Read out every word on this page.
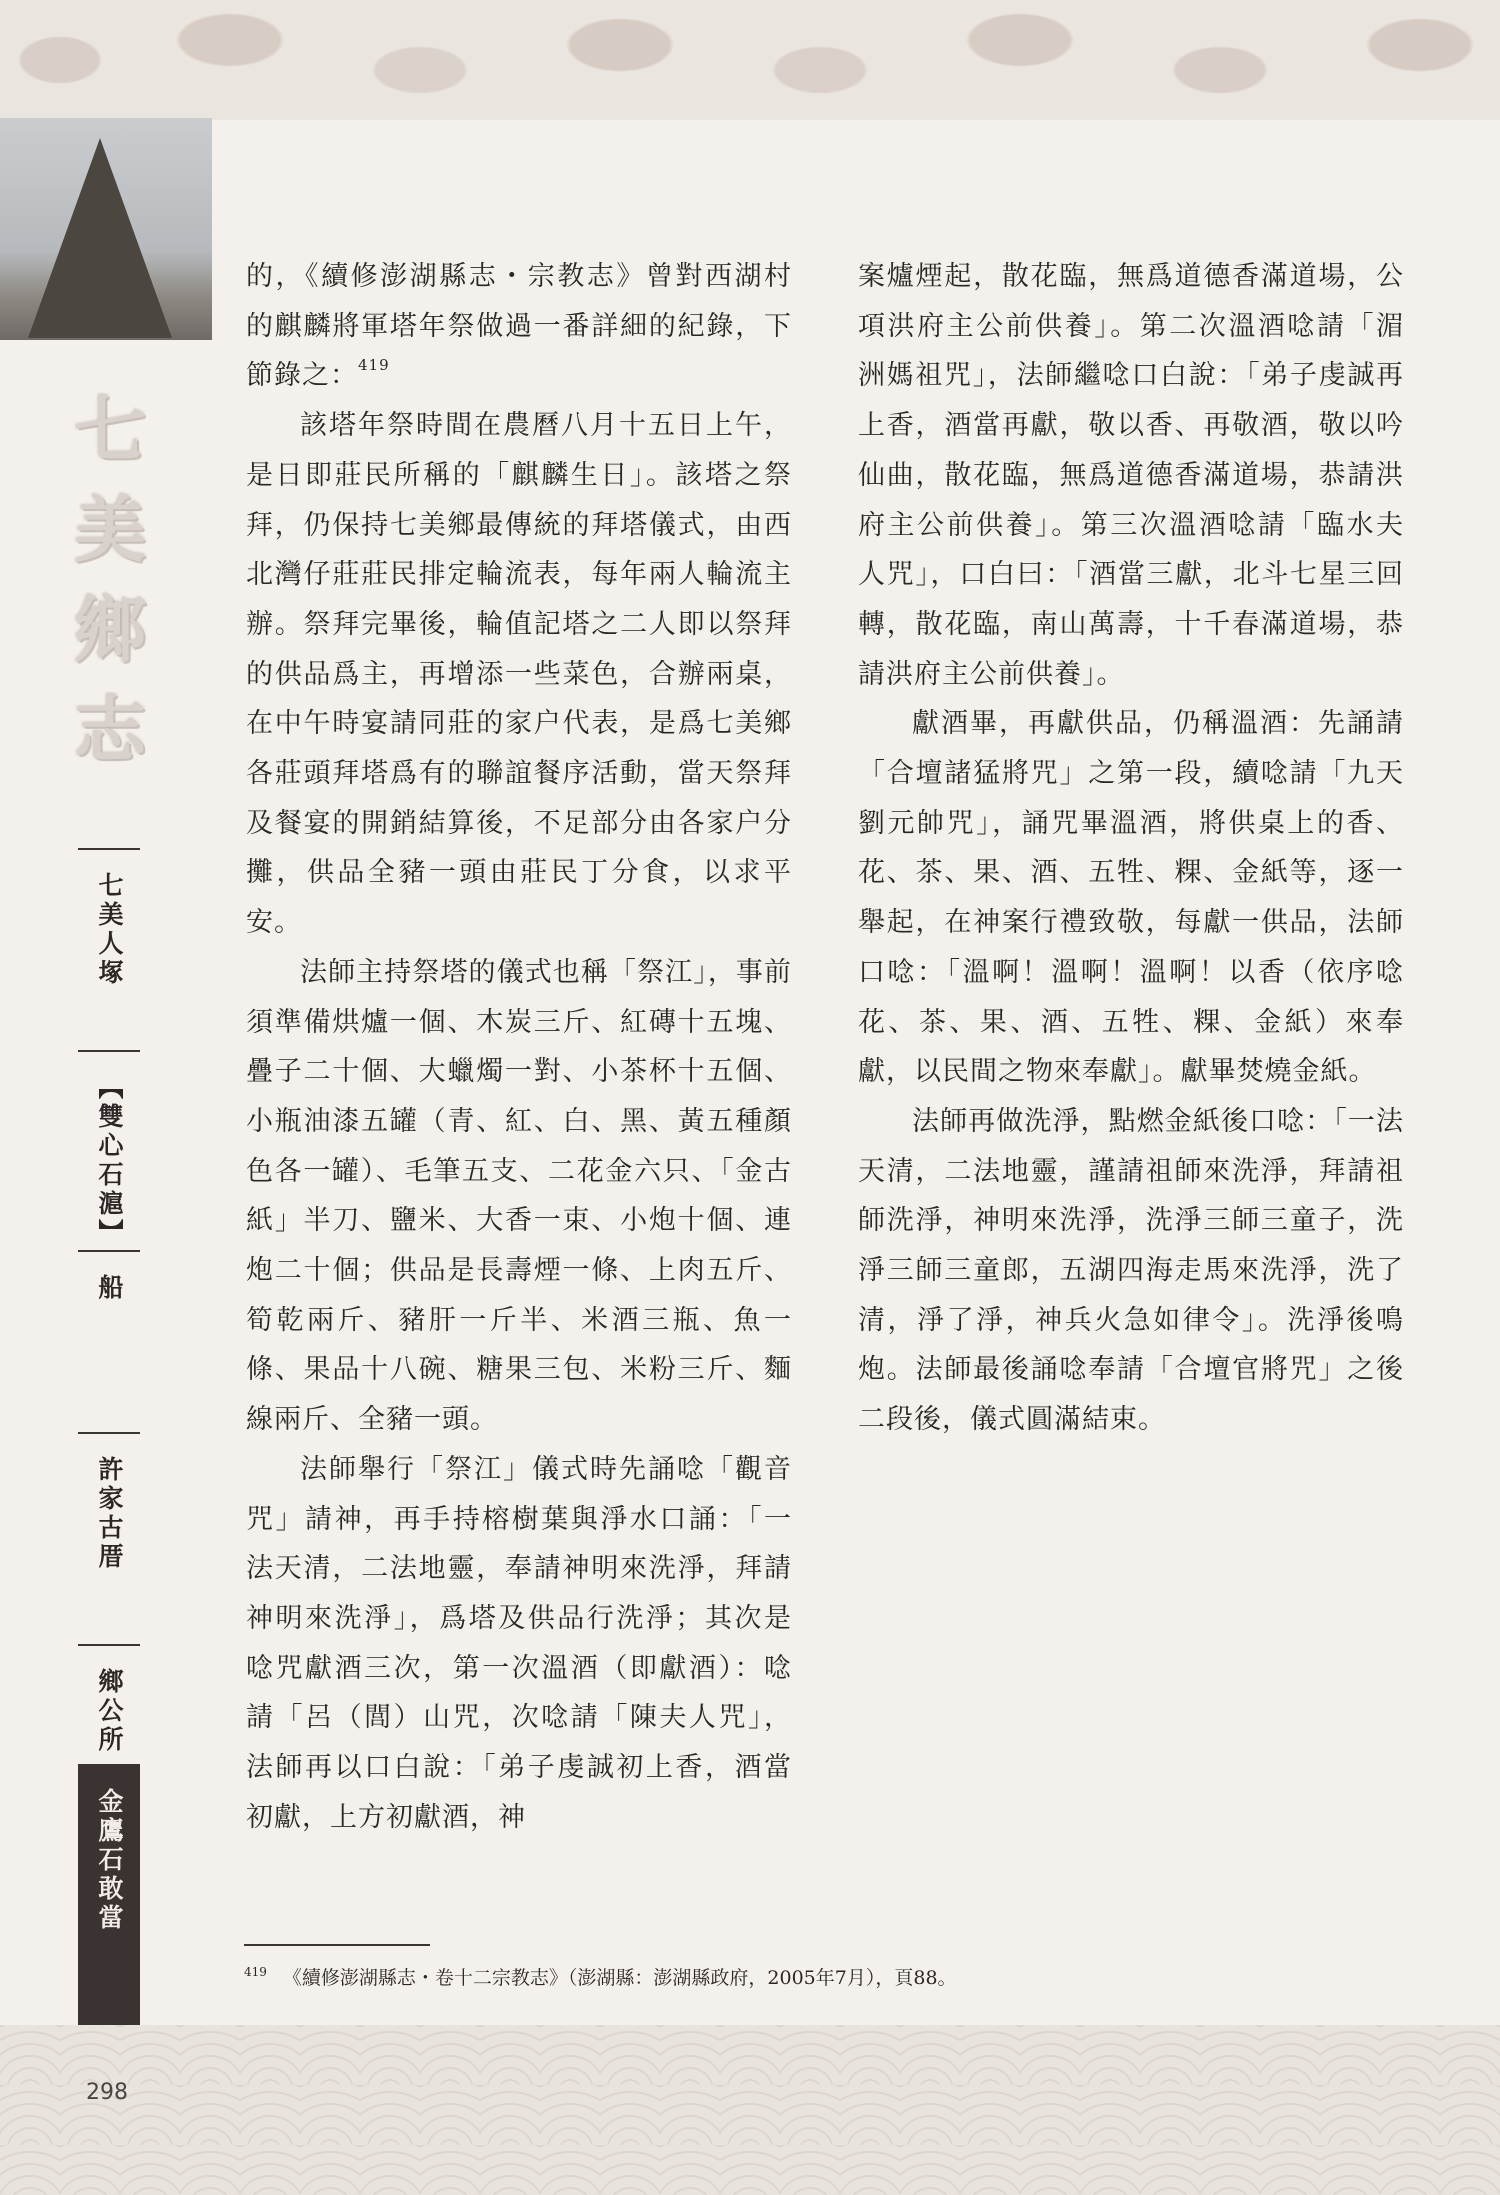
七
美
鄉
志
七美人塚
【雙心石滬】
船
許家古厝
鄉公所
金鷹石敢當

的，《續修澎湖縣志・宗教志》曾對西湖村的麒麟將軍塔年祭做過一番詳細的紀錄，下節錄之：$^{419}$

該塔年祭時間在農曆八月十五日上午，是日即莊民所稱的「麒麟生日」。該塔之祭拜，仍保持七美鄉最傳統的拜塔儀式，由西北灣仔莊莊民排定輪流表，每年兩人輪流主辦。祭拜完畢後，輪值記塔之二人即以祭拜的供品爲主，再增添一些菜色，合辦兩桌，在中午時宴請同莊的家户代表，是爲七美鄉各莊頭拜塔爲有的聯誼餐序活動，當天祭拜及餐宴的開銷結算後，不足部分由各家户分攤，供品全豬一頭由莊民丁分食，以求平安。

法師主持祭塔的儀式也稱「祭江」，事前須準備烘爐一個、木炭三斤、紅磚十五塊、疊子二十個、大蠟燭一對、小茶杯十五個、小瓶油漆五罐（青、紅、白、黑、黃五種顏色各一罐）、毛筆五支、二花金六只、「金古紙」半刀、鹽米、大香一束、小炮十個、連炮二十個；供品是長壽煙一條、上肉五斤、筍乾兩斤、豬肝一斤半、米酒三瓶、魚一條、果品十八碗、糖果三包、米粉三斤、麵線兩斤、全豬一頭。

法師舉行「祭江」儀式時先誦唸「觀音咒」請神，再手持榕樹葉與淨水口誦：「一法天清，二法地靈，奉請神明來洗淨，拜請神明來洗淨」，爲塔及供品行洗淨；其次是唸咒獻酒三次，第一次溫酒（即獻酒）：唸請「呂（閭）山咒，次唸請「陳夫人咒」，法師再以口白說：「弟子虔誠初上香，酒當初獻，上方初獻酒，神

案爐煙起，散花臨，無爲道德香滿道場，公項洪府主公前供養」。第二次溫酒唸請「湄洲媽祖咒」，法師繼唸口白說：「弟子虔誠再上香，酒當再獻，敬以香、再敬酒，敬以吟仙曲，散花臨，無爲道德香滿道場，恭請洪府主公前供養」。第三次溫酒唸請「臨水夫人咒」，口白曰：「酒當三獻，北斗七星三回轉，散花臨，南山萬壽，十千春滿道場，恭請洪府主公前供養」。

獻酒畢，再獻供品，仍稱溫酒：先誦請「合壇諸猛將咒」之第一段，續唸請「九天劉元帥咒」，誦咒畢溫酒，將供桌上的香、花、茶、果、酒、五牲、粿、金紙等，逐一舉起，在神案行禮致敬，每獻一供品，法師口唸：「溫啊！溫啊！溫啊！以香（依序唸花、茶、果、酒、五牲、粿、金紙）來奉獻，以民間之物來奉獻」。獻畢焚燒金紙。

法師再做洗淨，點燃金紙後口唸：「一法天清，二法地靈，謹請祖師來洗淨，拜請祖師洗淨，神明來洗淨，洗淨三師三童子，洗淨三師三童郎，五湖四海走馬來洗淨，洗了清，淨了淨，神兵火急如律令」。洗淨後鳴炮。法師最後誦唸奉請「合壇官將咒」之後二段後，儀式圓滿結束。

$^{419}$ 《續修澎湖縣志・卷十二宗教志》（澎湖縣：澎湖縣政府，2005年7月），頁88。
298
